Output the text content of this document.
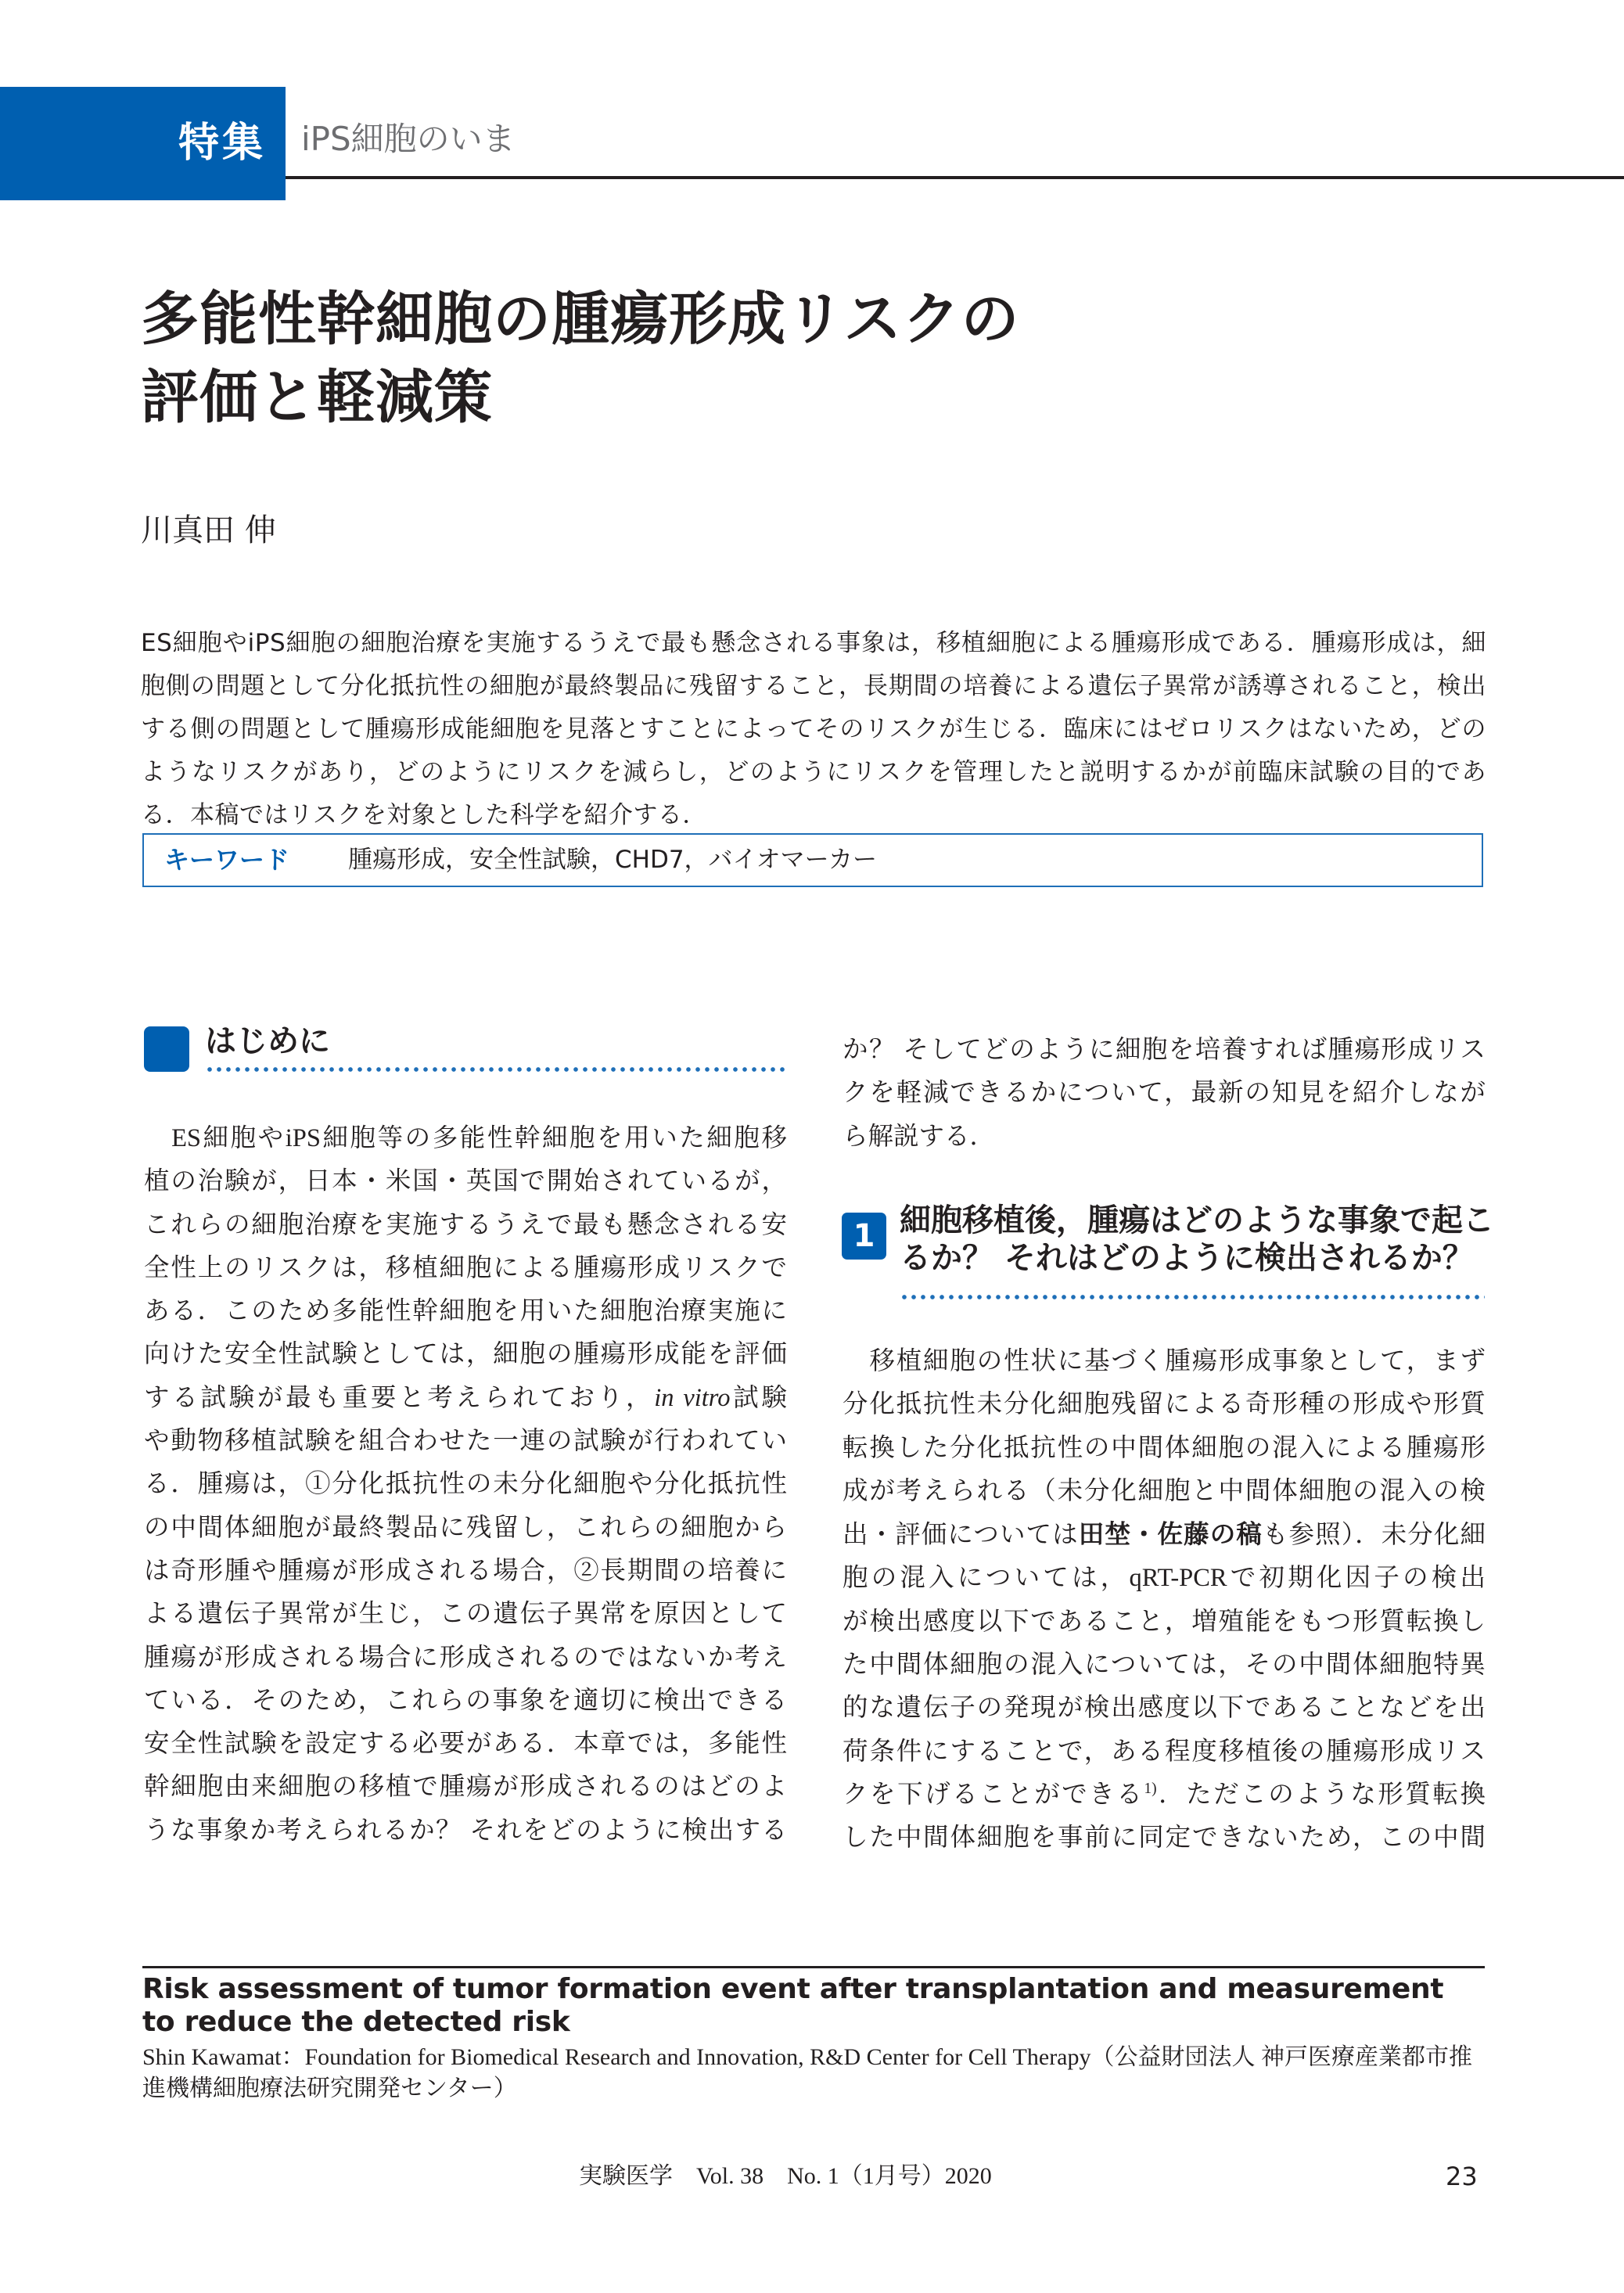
特集 iPS細胞のいま
多能性幹細胞の腫瘍形成リスクの
評価と軽減策
川真田 伸
ES細胞やiPS細胞の細胞治療を実施するうえで最も懸念される事象は，移植細胞による腫瘍形成である．腫瘍形成は，細胞側の問題として分化抵抗性の細胞が最終製品に残留すること，長期間の培養による遺伝子異常が誘導されること，検出する側の問題として腫瘍形成能細胞を見落とすことによってそのリスクが生じる．臨床にはゼロリスクはないため，どのようなリスクがあり，どのようにリスクを減らし，どのようにリスクを管理したと説明するかが前臨床試験の目的である．本稿ではリスクを対象とした科学を紹介する．
キーワード 腫瘍形成，安全性試験，CHD7，バイオマーカー
はじめに
　ES細胞やiPS細胞等の多能性幹細胞を用いた細胞移
植の治験が，日本・米国・英国で開始されているが，
これらの細胞治療を実施するうえで最も懸念される安
全性上のリスクは，移植細胞による腫瘍形成リスクで
ある．このため多能性幹細胞を用いた細胞治療実施に
向けた安全性試験としては，細胞の腫瘍形成能を評価
する試験が最も重要と考えられており，in vitro試験
や動物移植試験を組合わせた一連の試験が行われてい
る．腫瘍は，①分化抵抗性の未分化細胞や分化抵抗性
の中間体細胞が最終製品に残留し，これらの細胞から
は奇形腫や腫瘍が形成される場合，②長期間の培養に
よる遺伝子異常が生じ，この遺伝子異常を原因として
腫瘍が形成される場合に形成されるのではないか考え
ている．そのため，これらの事象を適切に検出できる
安全性試験を設定する必要がある．本章では，多能性
幹細胞由来細胞の移植で腫瘍が形成されるのはどのよ
うな事象か考えられるか？ それをどのように検出する
か？ そしてどのように細胞を培養すれば腫瘍形成リス
クを軽減できるかについて，最新の知見を紹介しなが
ら解説する．
1 細胞移植後，腫瘍はどのような事象で起こ
るか？ それはどのように検出されるか？
　移植細胞の性状に基づく腫瘍形成事象として，まず
分化抵抗性未分化細胞残留による奇形種の形成や形質
転換した分化抵抗性の中間体細胞の混入による腫瘍形
成が考えられる（未分化細胞と中間体細胞の混入の検
出・評価については田埜・佐藤の稿も参照）．未分化細
胞の混入については，qRT-PCRで初期化因子の検出
が検出感度以下であること，増殖能をもつ形質転換し
た中間体細胞の混入については，その中間体細胞特異
的な遺伝子の発現が検出感度以下であることなどを出
荷条件にすることで，ある程度移植後の腫瘍形成リス
クを下げることができる$^{1)}$．ただこのような形質転換
した中間体細胞を事前に同定できないため，この中間
Risk assessment of tumor formation event after transplantation and measurement to reduce the detected risk
Shin Kawamat：Foundation for Biomedical Research and Innovation, R&D Center for Cell Therapy（公益財団法人 神戸医療産業都市推進機構細胞療法研究開発センター）
実験医学　Vol. 38　No. 1（1月号）2020	23
